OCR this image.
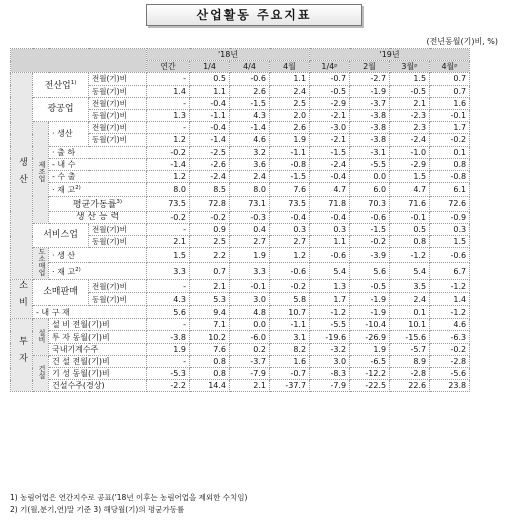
산업활동 주요지표
(전년동월(기)비, %)
				'18년				'19년			
				연간	1/4	4/4	4월	1/4ᵖ	2월	3월ᵖ	4월ᵖ
생산	전산업$^{1)}$		전월(기)비	-	0.5	-0.6	1.1	-0.7	-2.7	1.5	0.7
			동월(기)비	1.4	1.1	2.6	2.4	-0.5	-1.9	-0.5	0.7
	광공업		전월(기)비	-	-0.4	-1.5	2.5	-2.9	-3.7	2.1	1.6
			동월(기)비	1.3	-1.1	4.3	2.0	-2.1	-3.8	-2.3	-0.1
	제조업	· 생산	전월(기)비	-	-0.4	-1.4	2.6	-3.0	-3.8	2.3	1.7
			동월(기)비	1.2	-1.4	4.6	1.9	-2.1	-3.8	-2.4	-0.2
		· 출 하		-0.2	-2.5	3.2	-1.1	-1.5	-3.1	-1.0	0.1
		- 내 수		-1.4	-2.6	3.6	-0.8	-2.4	-5.5	-2.9	0.8
		- 수 출		1.2	-2.4	2.4	-1.5	-0.4	0.0	1.5	-0.8
		· 재 고$^{2)}$		8.0	8.5	8.0	7.6	4.7	6.0	4.7	6.1
		평균가동률$^{3)}$		73.5	72.8	73.1	73.5	71.8	70.3	71.6	72.6
		생 산 능 력		-0.2	-0.2	-0.3	-0.4	-0.4	-0.6	-0.1	-0.9
	서비스업		전월(기)비	-	0.9	0.4	0.3	0.3	-1.5	0.5	0.3
			동월(기)비	2.1	2.5	2.7	2.7	1.1	-0.2	0.8	1.5
	도소매업	· 생 산		1.5	2.2	1.9	1.2	-0.6	-3.9	-1.2	-0.6
		· 재 고$^{2)}$		3.3	0.7	3.3	-0.6	5.4	5.6	5.4	6.7
소비	소매판매		전월(기)비	-	2.1	-0.1	-0.2	1.3	-0.5	3.5	-1.2
			동월(기)비	4.3	5.3	3.0	5.8	1.7	-1.9	2.4	1.4
	- 내 구 재			5.6	9.4	4.8	10.7	-1.2	-1.9	0.1	-1.2
투자	설비	설 비 전월(기)비		-	7.1	0.0	-1.1	-5.5	-10.4	10.1	4.6
		투 자 동월(기)비		-3.8	10.2	-6.0	3.1	-19.6	-26.9	-15.6	-6.3
		국내기계수주		1.9	7.6	0.2	8.2	-3.2	1.9	-5.7	-0.2
	건설	건 설 전월(기)비		-	0.8	-3.7	1.6	3.0	-6.5	8.9	-2.8
		기 성 동월(기)비		-5.3	0.8	-7.9	-0.7	-8.3	-12.2	-2.8	-5.6
		건설수주(경상)		-2.2	14.4	2.1	-37.7	-7.9	-22.5	22.6	23.8
1) 농림어업은 연간지수로 공표('18년 이후는 농림어업을 제외한 수치임)
2) 기(월,분기,연)말 기준 3) 해당월(기)의 평균가동률
